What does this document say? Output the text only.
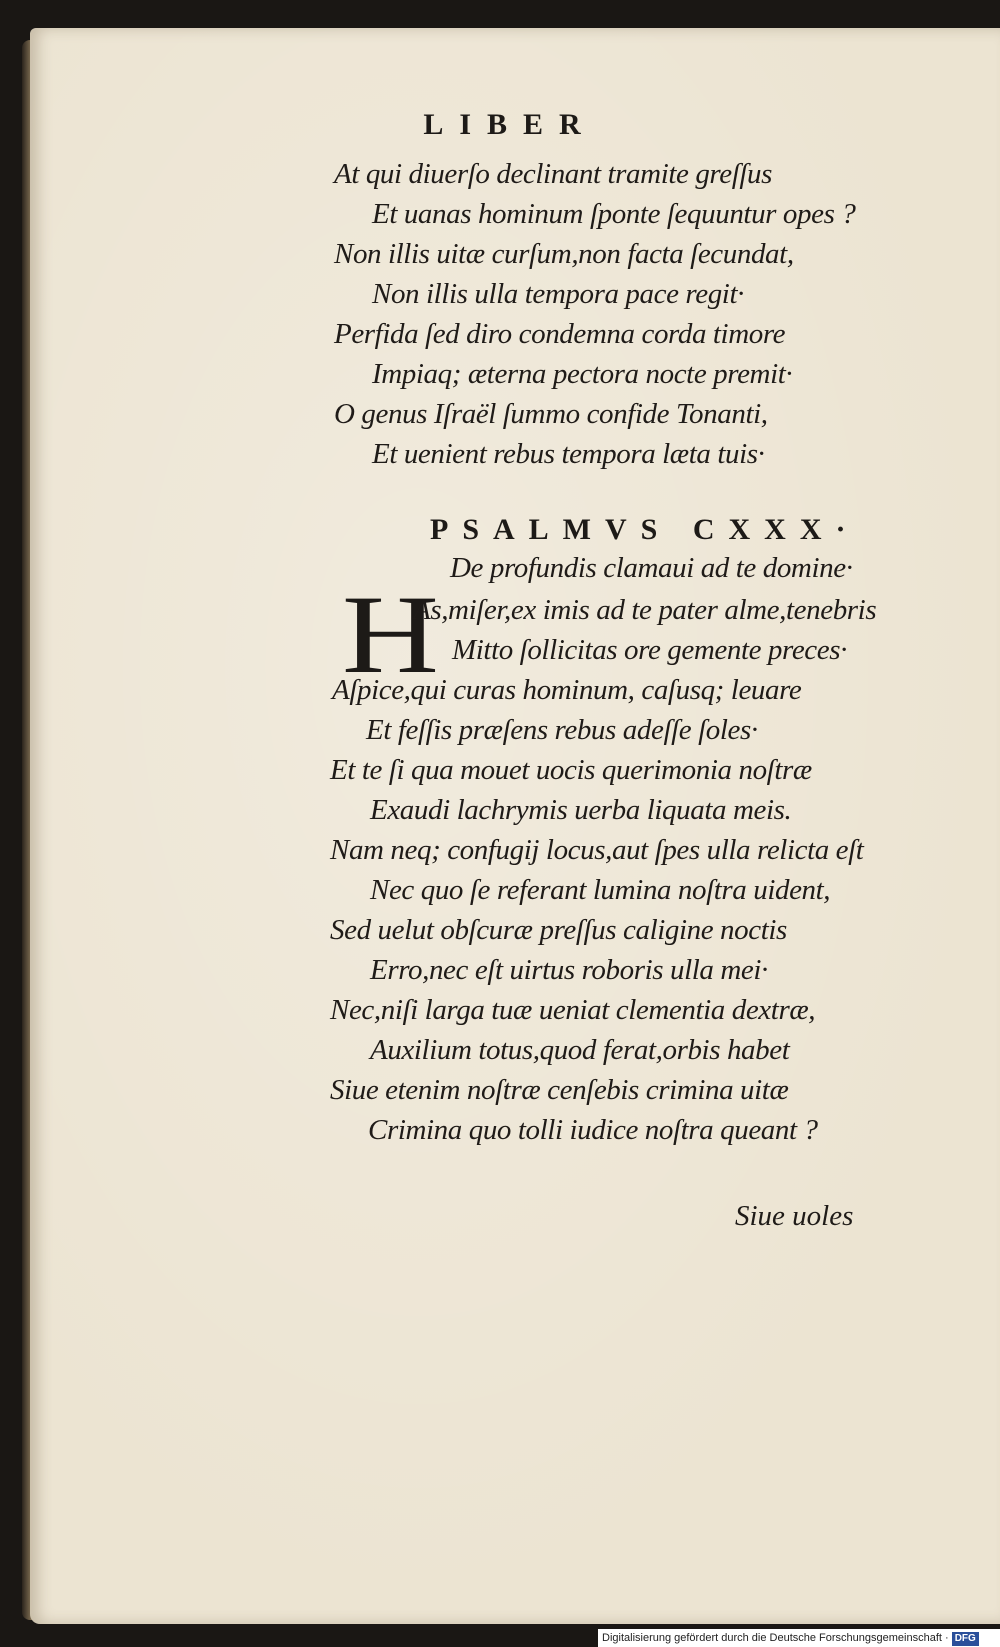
LIBER
At qui diuerſo declinant tramite greſſus
Et uanas hominum ſponte ſequuntur opes ?
Non illis uitæ curſum,non facta ſecundat,
Non illis ulla tempora pace regit·
Perfida ſed diro condemna corda timore
Impiaq; æterna pectora nocte premit·
O genus Iſraël ſummo confide Tonanti,
Et uenient rebus tempora læta tuis·
PSALMVS CXXX·
De profundis clamaui ad te domine·
H
As,miſer,ex imis ad te pater alme,tenebris
Mitto ſollicitas ore gemente preces·
Aſpice,qui curas hominum, caſusq; leuare
Et feſſis præſens rebus adeſſe ſoles·
Et te ſi qua mouet uocis querimonia noſtræ
Exaudi lachrymis uerba liquata meis.
Nam neq; confugij locus,aut ſpes ulla relicta eſt
Nec quo ſe referant lumina noſtra uident,
Sed uelut obſcuræ preſſus caligine noctis
Erro,nec eſt uirtus roboris ulla mei·
Nec,niſi larga tuæ ueniat clementia dextræ,
Auxilium totus,quod ferat,orbis habet
Siue etenim noſtræ cenſebis crimina uitæ
Crimina quo tolli iudice noſtra queant ?
Siue uoles
Digitalisierung gefördert durch die Deutsche Forschungsgemeinschaft · DFG
